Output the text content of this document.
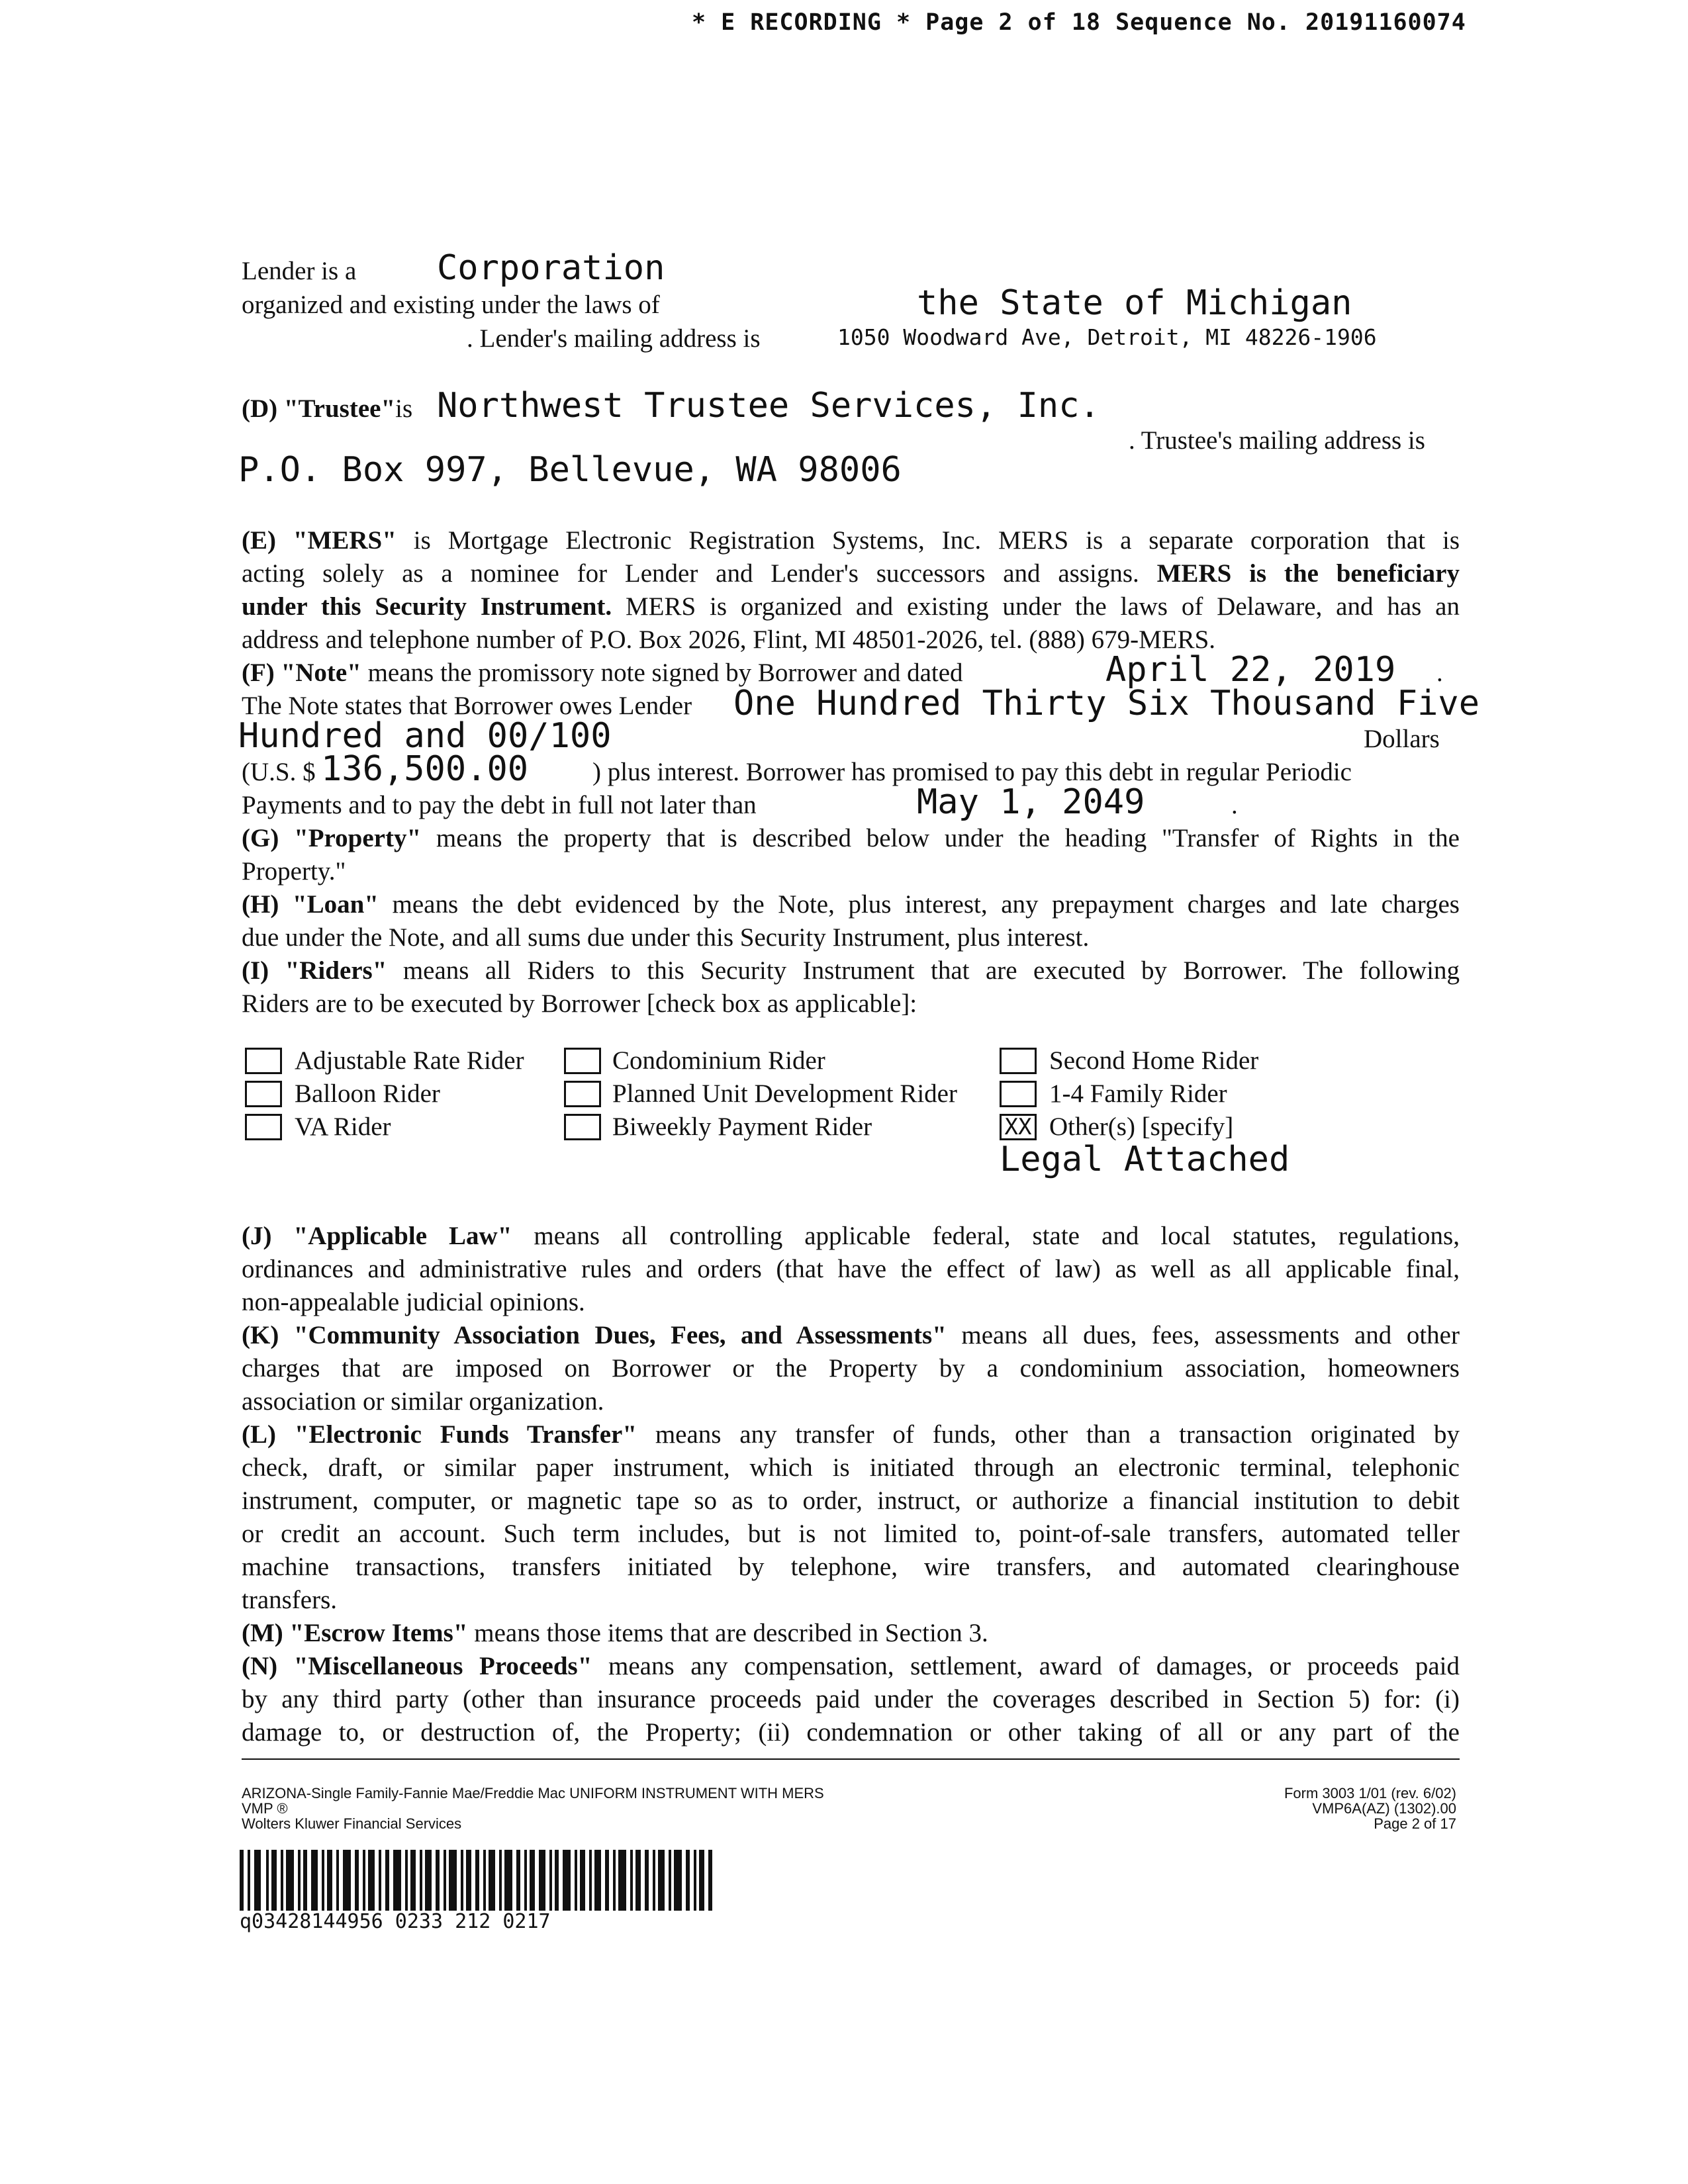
* E RECORDING * Page 2 of 18 Sequence No. 20191160074
Lender is a Corporation
organized and existing under the laws of	the State of Michigan
. Lender's mailing address is	1050 Woodward Ave, Detroit, MI 48226-1906
(D) "Trustee"is Northwest Trustee Services, Inc.
. Trustee's mailing address is
P.O. Box 997, Bellevue, WA 98006
(E) "MERS" is Mortgage Electronic Registration Systems, Inc. MERS is a separate corporation that is
acting solely as a nominee for Lender and Lender's successors and assigns. MERS is the beneficiary
under this Security Instrument. MERS is organized and existing under the laws of Delaware, and has an
address and telephone number of P.O. Box 2026, Flint, MI 48501-2026, tel. (888) 679-MERS.
(F) "Note" means the promissory note signed by Borrower and dated	April 22, 2019 .
The Note states that Borrower owes Lender One Hundred Thirty Six Thousand Five
Hundred and 00/100	Dollars
(U.S. $ 136,500.00 ) plus interest. Borrower has promised to pay this debt in regular Periodic
Payments and to pay the debt in full not later than	May 1, 2049	.
(G) "Property" means the property that is described below under the heading "Transfer of Rights in the
Property."
(H) "Loan" means the debt evidenced by the Note, plus interest, any prepayment charges and late charges
due under the Note, and all sums due under this Security Instrument, plus interest.
(I) "Riders" means all Riders to this Security Instrument that are executed by Borrower. The following
Riders are to be executed by Borrower [check box as applicable]:
Adjustable Rate Rider
Balloon Rider
VA Rider
Condominium Rider
Planned Unit Development Rider
Biweekly Payment Rider
Second Home Rider
1-4 Family Rider
XX Other(s) [specify]
Legal Attached
(J) "Applicable Law" means all controlling applicable federal, state and local statutes, regulations,
ordinances and administrative rules and orders (that have the effect of law) as well as all applicable final,
non-appealable judicial opinions.
(K) "Community Association Dues, Fees, and Assessments" means all dues, fees, assessments and other
charges that are imposed on Borrower or the Property by a condominium association, homeowners
association or similar organization.
(L) "Electronic Funds Transfer" means any transfer of funds, other than a transaction originated by
check, draft, or similar paper instrument, which is initiated through an electronic terminal, telephonic
instrument, computer, or magnetic tape so as to order, instruct, or authorize a financial institution to debit
or credit an account. Such term includes, but is not limited to, point-of-sale transfers, automated teller
machine transactions, transfers initiated by telephone, wire transfers, and automated clearinghouse
transfers.
(M) "Escrow Items" means those items that are described in Section 3.
(N) "Miscellaneous Proceeds" means any compensation, settlement, award of damages, or proceeds paid
by any third party (other than insurance proceeds paid under the coverages described in Section 5) for: (i)
damage to, or destruction of, the Property; (ii) condemnation or other taking of all or any part of the
ARIZONA-Single Family-Fannie Mae/Freddie Mac UNIFORM INSTRUMENT WITH MERS
VMP ®
Wolters Kluwer Financial Services
Form 3003 1/01 (rev. 6/02)
VMP6A(AZ) (1302).00
Page 2 of 17
q03428144956 0233 212 0217
